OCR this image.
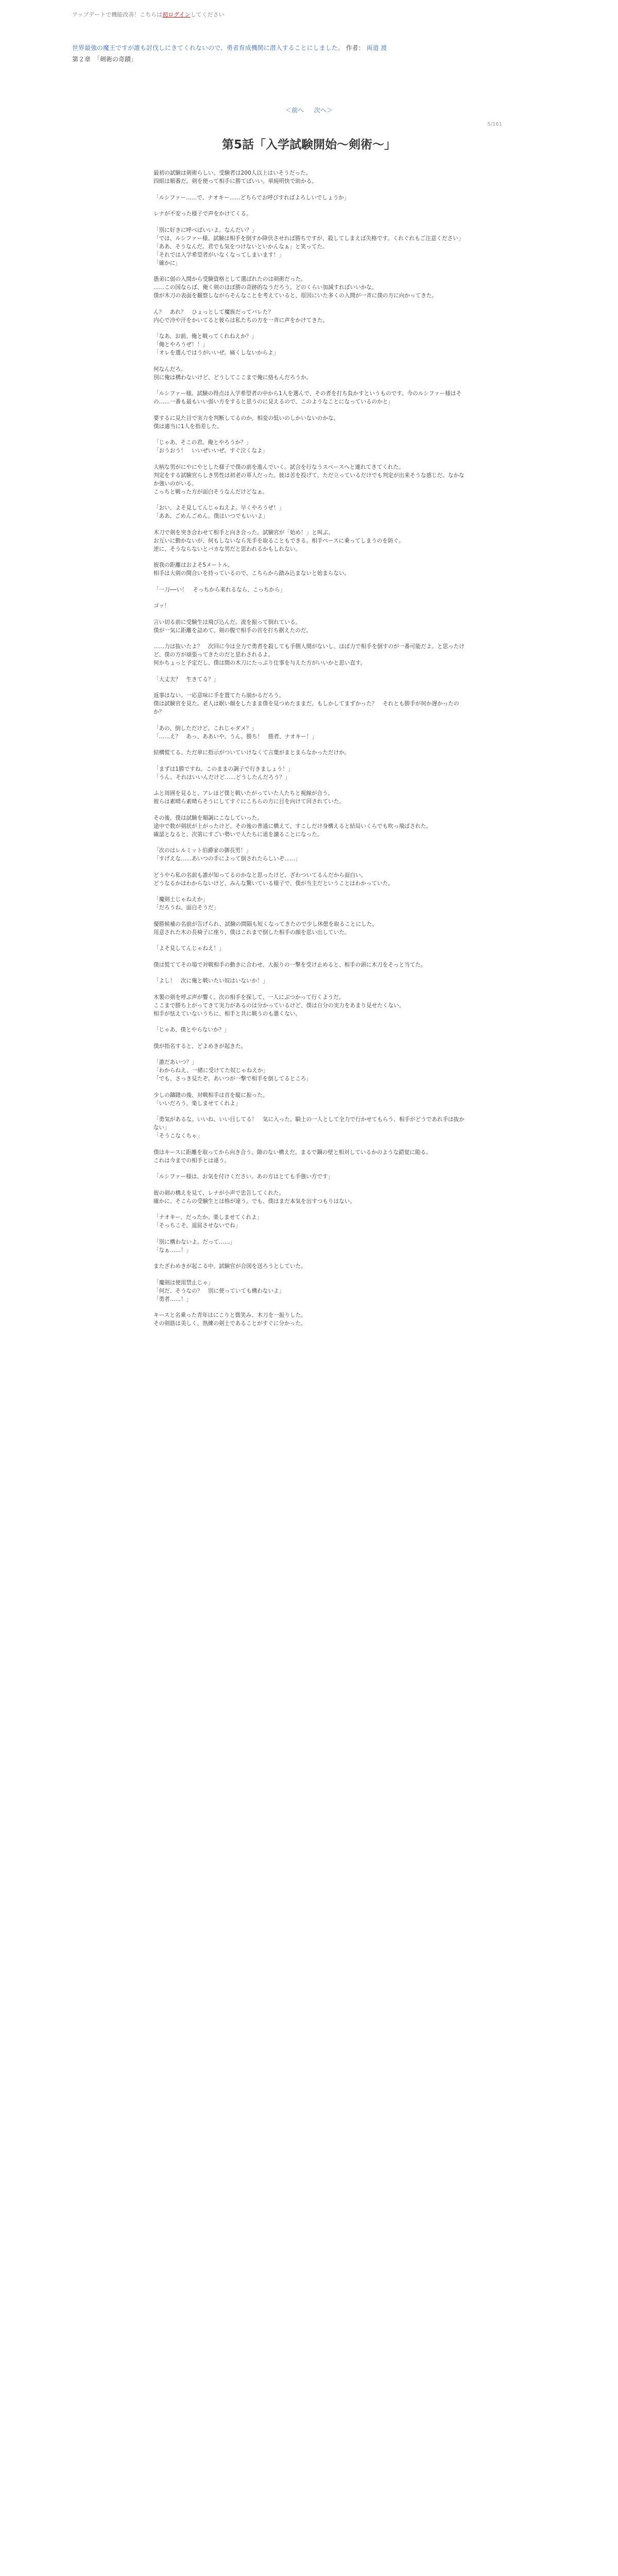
アップデートで機能改善！こちらは初ログインしてください
世界最強の魔王ですが誰も討伐しにきてくれないので、勇者育成機関に潜入することにしました。 作者： 両道 渡
第２章　「剣術の奇蹟」
＜前へ 次へ＞
5/161
第5話「入学試験開始〜剣術〜」

最初の試験は剣術らしい。受験者は200人以上はいそうだった。
四組は順番だ。剣を使って相手に勝てばいい。単純明快で助かる。

「ルシファー……で、ナオキー……どちらでお呼びすればよろしいでしょうか」

レナが不安った様子で声をかけてくる。

「別に好きに呼べばいいよ。なんだい？」
「では、ルシファー様。試験は相手を倒すか降伏させれば勝ちですが、殺してしまえば失格です。くれぐれもご注意ください」
「ああ、そうなんだ。君でも気をつけないといかんなぁ」と笑ってた。
「それでは入学希望者がいなくなってしまいます！」
「確かに」

愚弟に弱の入間から受験資格として選ばれたのは剣術だった。
……この国ならば、俺く剣のほぼ勝の奇跡的なうだろう。どのくらい加減すればいいかな。
僕が木刀の表面を観察しながらそんなことを考えていると、原因にいた多くの入間が一斉に僕の方に向かってきた。

ん？　あれ？　ひょっとして魔族だってバレた？
内心で冷や汗をかいてると彼らは私たちの方を一斉に声をかけてきた。

「なあ、お前、俺と戦ってくれねえか？」
「俺とやろうぜ！！」
「オレを選んではうがいいぜ。痛くしないからよ」

何なんだろ。
別に俺は構わないけど、どうしてここまで俺に絡もんだろうか。

「ルシファー様。試験の得点は入学希望者の中から1人を選んで、その者を打ち負かすというものです。今のルシファー様はその……一番も最もいい弱い方をすると思うのに見えるので、このようなことになっているのかと」

要するに見た目で実力を判断してるのか。相変の低いのしかいないのかな。
僕は適当に1人を指差した。

「じゃあ、そこの君。俺とやろうか？」
「おうおう！　いいぜいいぜ。すぐ泣くなよ」

大柄な男がにやにやとした様子で僕の前を進んでいく。試合を行なうスペースへと連れてきてくれた。
判定をする試験官らしき男性は初老の軍人だった。彼は苦を投げて、ただ立っているだけでも判定が出来そうな感じだ。なかなか強いのがいる。
こっちと戦った方が面白そうなんだけどなぁ。

「おい、よそ見してんじゃねえよ。早くやろうぜ！」
「ああ、ごめんごめん。僕はいつでもいいよ」

木刀で剣を突き合わせて相手と向き合った。試験官が「始め！」と叫ぶ。
お互いに動かないが、何もしないなら先手を取ることもできる。相手ペースに乗ってしまうのを防ぐ。
逆に、そうならないとバカな男だと思われるかもしれない。

彼我の距離はおよそ5メートル。
相手は大剣の間合いを持っているので、こちらから踏み込まないと始まらない。

「一刀──い！　そっちから来れるなら、こっちから」

ゴッ！

言い切る前に受験生は飛び込んだ。流を振って倒れている。
僕が一気に距離を詰めて、剣の腹で相手の首を打ち据えたのだ。

……力は抜いたよ？　次回に今は全力で勇者を殺しても手側人間がないし、ほぼ力で相手を倒すのが一番可能だよ。と思ったけど、僕の方が頑張ってきたのだと思わされるよ。
何かちょっと予定だし、僕は間の木刀にたっぷり仕事を与えた方がいいかと思い直す。

「大丈夫？　生きてる？」

返事はない。一応意味に手を置てたら崩かるだろう。
僕は試験官を見た。老人は眠い顔をしたまま僕を見つめたままだ。もしかしてまずかった？　それとも勝手が何か遅かったのか？

「あの、倒しただけど。これじゃダメ？」
「……え？　あっ、ああいや、うん。勝ち！　勝者、ナオキー！」

結構慌てる。ただ単に指示がついていけなくて言葉がまとまらなかっただけか。

「まずは1勝ですね。このままの調子で行きましょう！」
「うん。それはいいんだけど……どうしたんだろう？」

ふと周囲を見ると、アレほど僕と戦いたがっていた人たちと視線が合う。
彼らは素晴ら素晴らそうにしてすぐにこちらの方に目を向けて回されていた。

その後、僕は試験を順調にこなしていった。
途中で数が剣状が上がったけど、その後の普通に構えて、すこしだけ身構えると結局いくらでも吹っ飛ばされた。
確認となると、次第にすごい勢いで人たちに道を譲ることになった。

「次のはレルミット伯爵家の御長男！」
「すげえな……あいつの手によって倒されたらしいぞ……」

どうやら私の名前も誰が知ってるのかなと思ったけど、ざわついてるんだから面白い。
どうなるかはわからないけど、みんな驚いている様子で、僕が当主だということはわかっていた。

「魔剣士じゃねえか」
「だろうね、面白そうだ」

優勝候補の名前が告げられ、試験の間隔も短くなってきたので少し休憩を取ることにした。
用意された木の長椅子に座り、僕はこれまで倒した相手の顔を思い出していた。

「よそ見してんじゃねえ！」

僕は慌ててその場で対戦相手の動きに合わせ、大振りの一撃を受け止めると、相手の頭に木刀をそっと当てた。

「よし！　次に俺と戦いたい奴はいないか！」

木製の剣を呼ぶ声が響く。次の相手を探して、一人にぶつかって行くようだ。
ここまで勝ち上がってきて実力があるのは分かっているけど、僕は自分の実力をあまり見せたくない。
相手が怯えていないうちに、相手と共に戦うのも悪くない。

「じゃあ、僕とやらないか？」

僕が指名すると、どよめきが起きた。

「誰だあいつ？」
「わからねえ、一緒に受けてた奴じゃねえか」
「でも、さっき見たぞ。あいつが一撃で相手を倒してるところ」

少しの躊躇の後、対戦相手は首を縦に振った。
「いいだろう、楽しませてくれよ」

「勇気があるな。いいね、いい目してる！　気に入った。騎士の一人として全力で行かせてもらう、相手がどうであれ手は抜かない」
「そうこなくちゃ」

僕はキースに距離を取ってから向き合う。隙のない構えだ。まるで鋼の壁と相対しているかのような錯覚に陥る。
これは今までの相手とは違う。

「ルシファー様は、お気を付けください。あの方はとても手強い方です」

彼の剣の構えを見て、レナが小声で忠告してくれた。
確かに、そこらの受験生とは格が違う。でも、僕はまだ本気を出すつもりはない。

「ナオキー、だったか。楽しませてくれよ」
「そっちこそ、退屈させないでね」

「別に構わないよ。だって……」
「なぁ……！」

またざわめきが起こる中、試験官が合図を送ろうとしていた。

「魔剣は使用禁止じゃ」
「何だ、そうなの？　別に使っていても構わないよ」
「勇者……！」

キースと名乗った青年はにこりと微笑み、木刀を一振りした。
その剣筋は美しく、熟練の剣士であることがすぐに分かった。
